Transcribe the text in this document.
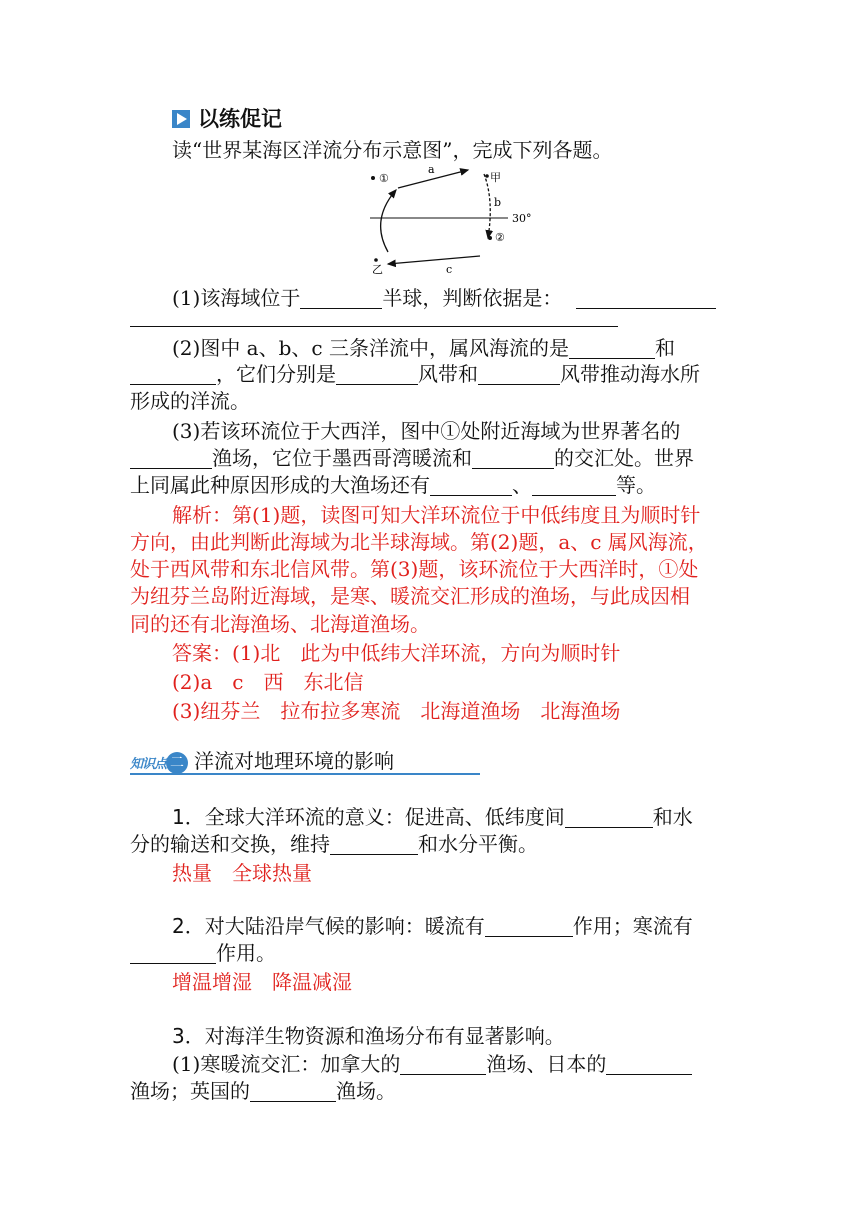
以练促记
读“世界某海区洋流分布示意图”，完成下列各题。
①
a
甲
b
30°
②
c
乙
(1)该海域位于	半球，判断依据是：
(2)图中 a、b、c 三条洋流中，属风海流的是	和
，它们分别是	风带和	风带推动海水所
形成的洋流。
(3)若该环流位于大西洋，图中①处附近海域为世界著名的
渔场，它位于墨西哥湾暖流和	的交汇处。世界
上同属此种原因形成的大渔场还有	、	等。
解析：第(1)题，读图可知大洋环流位于中低纬度且为顺时针
方向，由此判断此海域为北半球海域。第(2)题，a、c 属风海流，
处于西风带和东北信风带。第(3)题，该环流位于大西洋时，①处
为纽芬兰岛附近海域，是寒、暖流交汇形成的渔场，与此成因相
同的还有北海渔场、北海道渔场。
答案：(1)北　此为中低纬大洋环流，方向为顺时针
(2)a　c　西　东北信
(3)纽芬兰　拉布拉多寒流　北海道渔场　北海渔场
知识点 二 洋流对地理环境的影响
1．全球大洋环流的意义：促进高、低纬度间	和水
分的输送和交换，维持	和水分平衡。
热量　全球热量
2．对大陆沿岸气候的影响：暖流有	作用；寒流有
作用。
增温增湿　降温减湿
3．对海洋生物资源和渔场分布有显著影响。
(1)寒暖流交汇：加拿大的	渔场、日本的
渔场；英国的	渔场。
